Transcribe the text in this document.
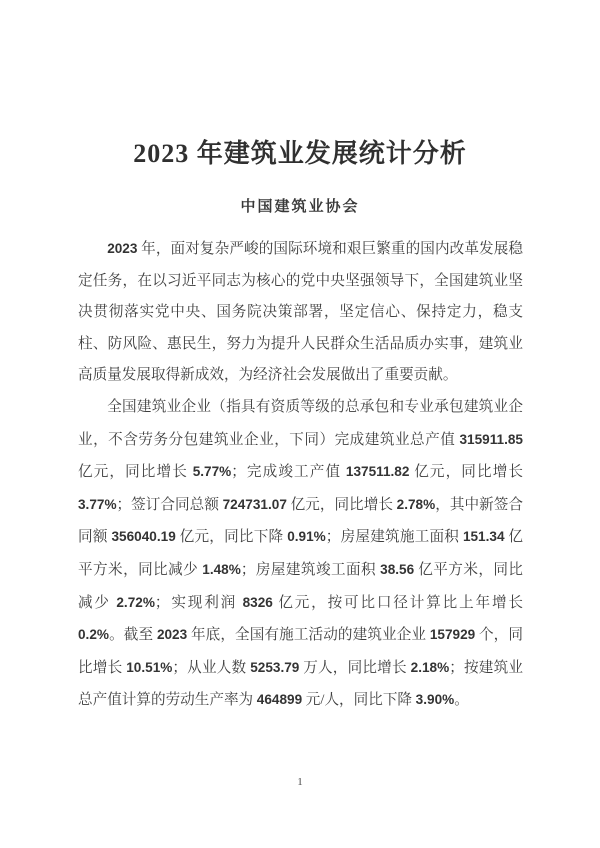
2023 年建筑业发展统计分析
中国建筑业协会

2023 年，面对复杂严峻的国际环境和艰巨繁重的国内改革发展稳定任务，在以习近平同志为核心的党中央坚强领导下，全国建筑业坚决贯彻落实党中央、国务院决策部署，坚定信心、保持定力，稳支柱、防风险、惠民生，努力为提升人民群众生活品质办实事，建筑业高质量发展取得新成效，为经济社会发展做出了重要贡献。

全国建筑业企业（指具有资质等级的总承包和专业承包建筑业企业，不含劳务分包建筑业企业，下同）完成建筑业总产值 315911.85 亿元，同比增长 5.77%；完成竣工产值 137511.82 亿元，同比增长 3.77%；签订合同总额 724731.07 亿元，同比增长 2.78%，其中新签合同额 356040.19 亿元，同比下降 0.91%；房屋建筑施工面积 151.34 亿平方米，同比减少 1.48%；房屋建筑竣工面积 38.56 亿平方米，同比减少 2.72%；实现利润 8326 亿元，按可比口径计算比上年增长 0.2%。截至 2023 年底，全国有施工活动的建筑业企业 157929 个，同比增长 10.51%；从业人数 5253.79 万人，同比增长 2.18%；按建筑业总产值计算的劳动生产率为 464899 元/人，同比下降 3.90%。

1
